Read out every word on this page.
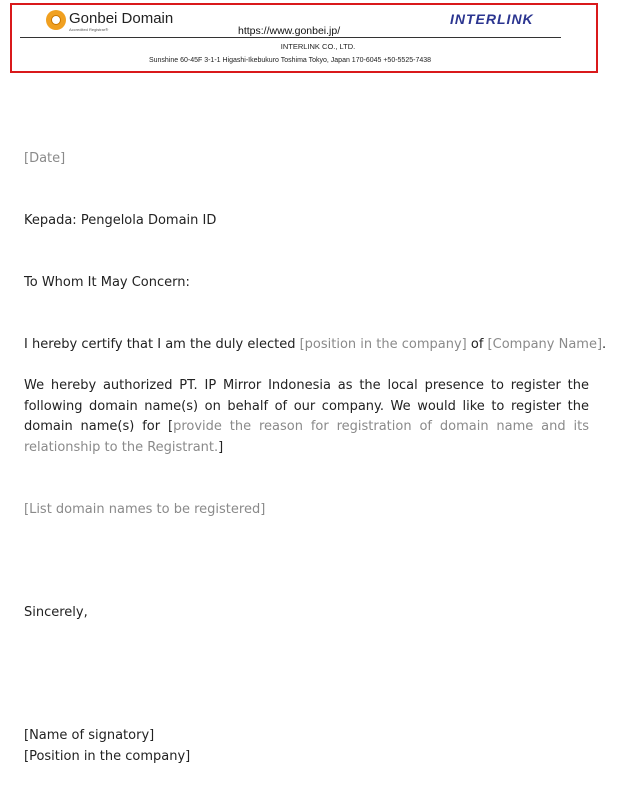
Gonbei Domain
Accredited Registrar®
INTERLINK
https://www.gonbei.jp/
INTERLINK CO., LTD.
Sunshine 60-45F 3-1-1 Higashi-Ikebukuro Toshima Tokyo, Japan 170-6045 +50-5525-7438
[Date]
Kepada: Pengelola Domain ID
To Whom It May Concern:
I hereby certify that I am the duly elected [position in the company] of [Company Name].

We hereby authorized PT. IP Mirror Indonesia as the local presence to register the following domain name(s) on behalf of our company. We would like to register the domain name(s) for [provide the reason for registration of domain name and its relationship to the Registrant.]

[List domain names to be registered]
Sincerely,
[Name of signatory]
[Position in the company]
